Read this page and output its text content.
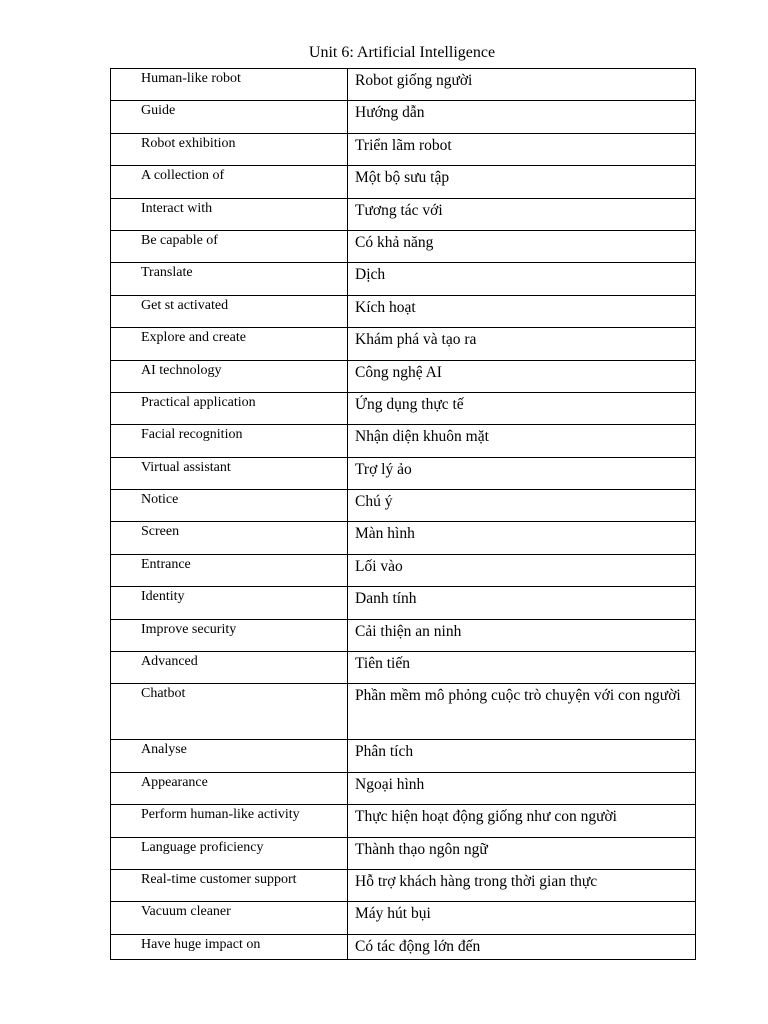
Unit 6: Artificial Intelligence
Human-like robot	Robot giống người
Guide	Hướng dẫn
Robot exhibition	Triển lãm robot
A collection of	Một bộ sưu tập
Interact with	Tương tác với
Be capable of	Có khả năng
Translate	Dịch
Get st activated	Kích hoạt
Explore and create	Khám phá và tạo ra
AI technology	Công nghệ AI
Practical application	Ứng dụng thực tế
Facial recognition	Nhận diện khuôn mặt
Virtual assistant	Trợ lý ảo
Notice	Chú ý
Screen	Màn hình
Entrance	Lối vào
Identity	Danh tính
Improve security	Cải thiện an ninh
Advanced	Tiên tiến
Chatbot	Phần mềm mô phỏng cuộc trò chuyện với con người
Analyse	Phân tích
Appearance	Ngoại hình
Perform human-like activity	Thực hiện hoạt động giống như con người
Language proficiency	Thành thạo ngôn ngữ
Real-time customer support	Hỗ trợ khách hàng trong thời gian thực
Vacuum cleaner	Máy hút bụi
Have huge impact on	Có tác động lớn đến
